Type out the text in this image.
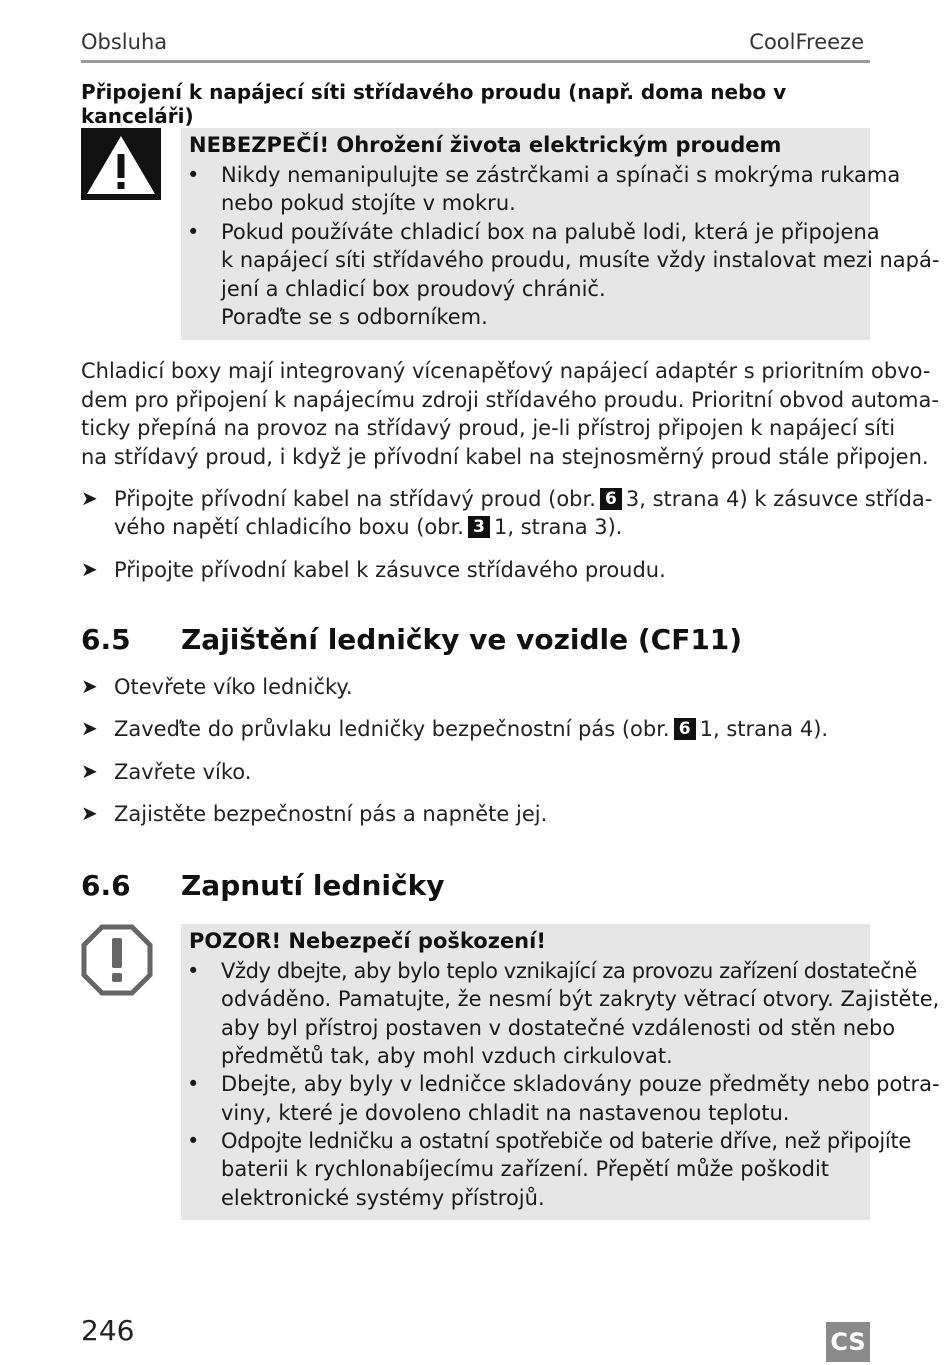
Obsluha	CoolFreeze
Připojení k napájecí síti střídavého proudu (např. doma nebo v kanceláři)
NEBEZPEČÍ! Ohrožení života elektrickým proudem
• Nikdy nemanipulujte se zástrčkami a spínači s mokrýma rukama
nebo pokud stojíte v mokru.
• Pokud používáte chladicí box na palubě lodi, která je připojena
k napájecí síti střídavého proudu, musíte vždy instalovat mezi napá-
jení a chladicí box proudový chránič.
Poraďte se s odborníkem.
Chladicí boxy mají integrovaný vícenapěťový napájecí adaptér s prioritním obvo-
dem pro připojení k napájecímu zdroji střídavého proudu. Prioritní obvod automa-
ticky přepíná na provoz na střídavý proud, je-li přístroj připojen k napájecí síti
na střídavý proud, i když je přívodní kabel na stejnosměrný proud stále připojen.
➤ Připojte přívodní kabel na střídavý proud (obr. 6 3, strana 4) k zásuvce střída-
vého napětí chladicího boxu (obr. 3 1, strana 3).
➤ Připojte přívodní kabel k zásuvce střídavého proudu.
6.5 Zajištění ledničky ve vozidle (CF11)
➤ Otevřete víko ledničky.
➤ Zaveďte do průvlaku ledničky bezpečnostní pás (obr. 6 1, strana 4).
➤ Zavřete víko.
➤ Zajistěte bezpečnostní pás a napněte jej.
6.6 Zapnutí ledničky
POZOR! Nebezpečí poškození!
• Vždy dbejte, aby bylo teplo vznikající za provozu zařízení dostatečně
odváděno. Pamatujte, že nesmí být zakryty větrací otvory. Zajistěte,
aby byl přístroj postaven v dostatečné vzdálenosti od stěn nebo
předmětů tak, aby mohl vzduch cirkulovat.
• Dbejte, aby byly v ledničce skladovány pouze předměty nebo potra-
viny, které je dovoleno chladit na nastavenou teplotu.
• Odpojte ledničku a ostatní spotřebiče od baterie dříve, než připojíte
baterii k rychlonabíjecímu zařízení. Přepětí může poškodit
elektronické systémy přístrojů.
246	CS
